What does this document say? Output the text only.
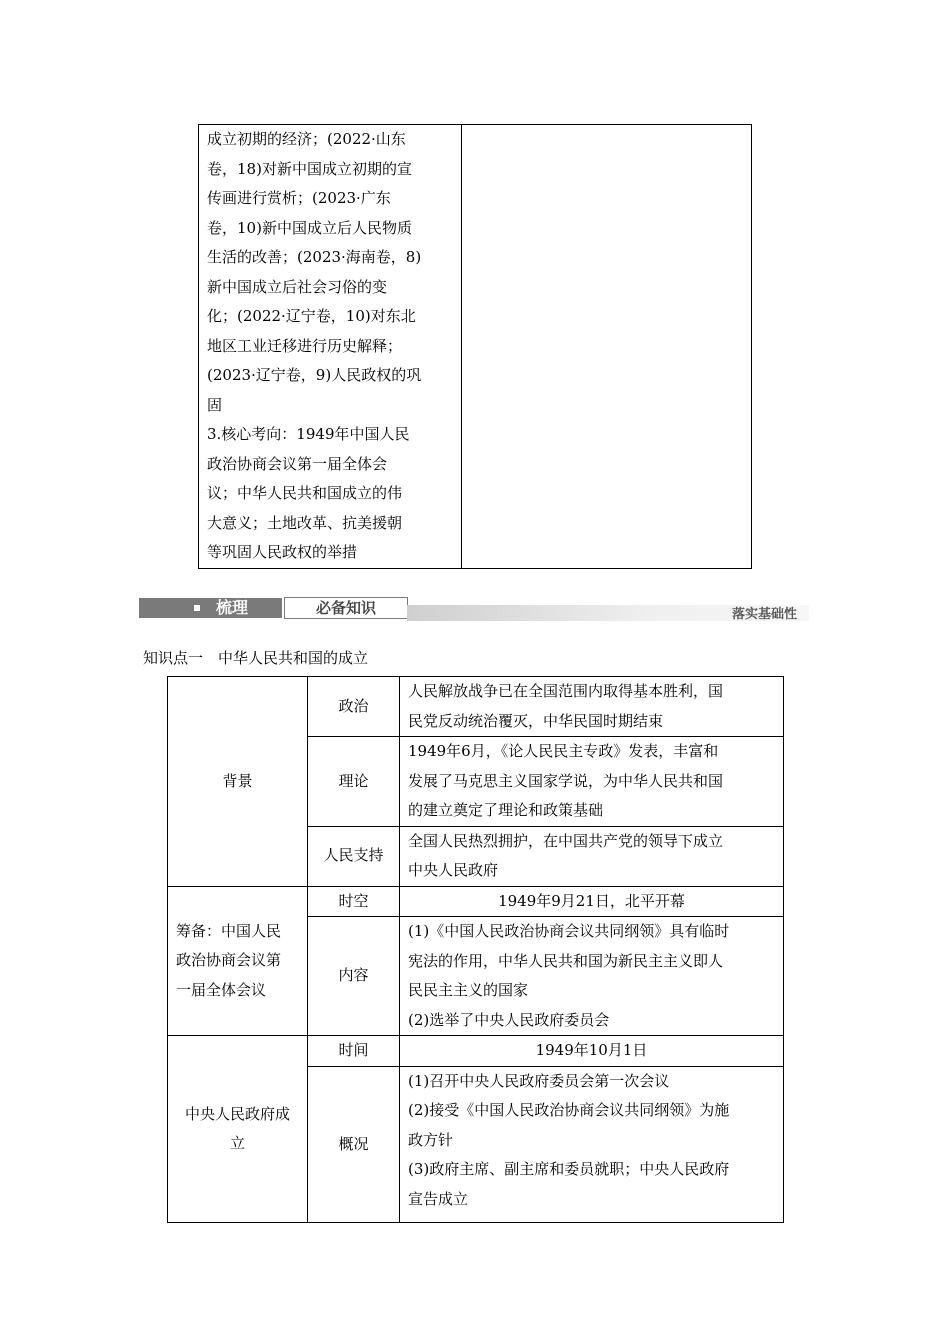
成立初期的经济；(2022·山东
卷，18)对新中国成立初期的宣
传画进行赏析；(2023·广东
卷，10)新中国成立后人民物质
生活的改善；(2023·海南卷，8)
新中国成立后社会习俗的变
化；(2022·辽宁卷，10)对东北
地区工业迁移进行历史解释；
(2023·辽宁卷，9)人民政权的巩
固
3.核心考向：1949年中国人民
政治协商会议第一届全体会
议；中华人民共和国成立的伟
大意义；土地改革、抗美援朝
等巩固人民政权的举措

梳理	必备知识	落实基础性
知识点一　中华人民共和国的成立
背景	政治	人民解放战争已在全国范围内取得基本胜利，国
民党反动统治覆灭，中华民国时期结束

	理论	1949年6月，《论人民民主专政》发表，丰富和
发展了马克思主义国家学说，为中华人民共和国
的建立奠定了理论和政策基础

	人民支持	全国人民热烈拥护，在中国共产党的领导下成立
中央人民政府

筹备：中国人民
政治协商会议第
一届全体会议	时空	1949年9月21日，北平开幕
	内容	(1)《中国人民政治协商会议共同纲领》具有临时
宪法的作用，中华人民共和国为新民主主义即人
民民主主义的国家
(2)选举了中央人民政府委员会

中央人民政府成
立	时间	1949年10月1日
	概况	(1)召开中央人民政府委员会第一次会议
(2)接受《中国人民政治协商会议共同纲领》为施
政方针
(3)政府主席、副主席和委员就职；中央人民政府
宣告成立
